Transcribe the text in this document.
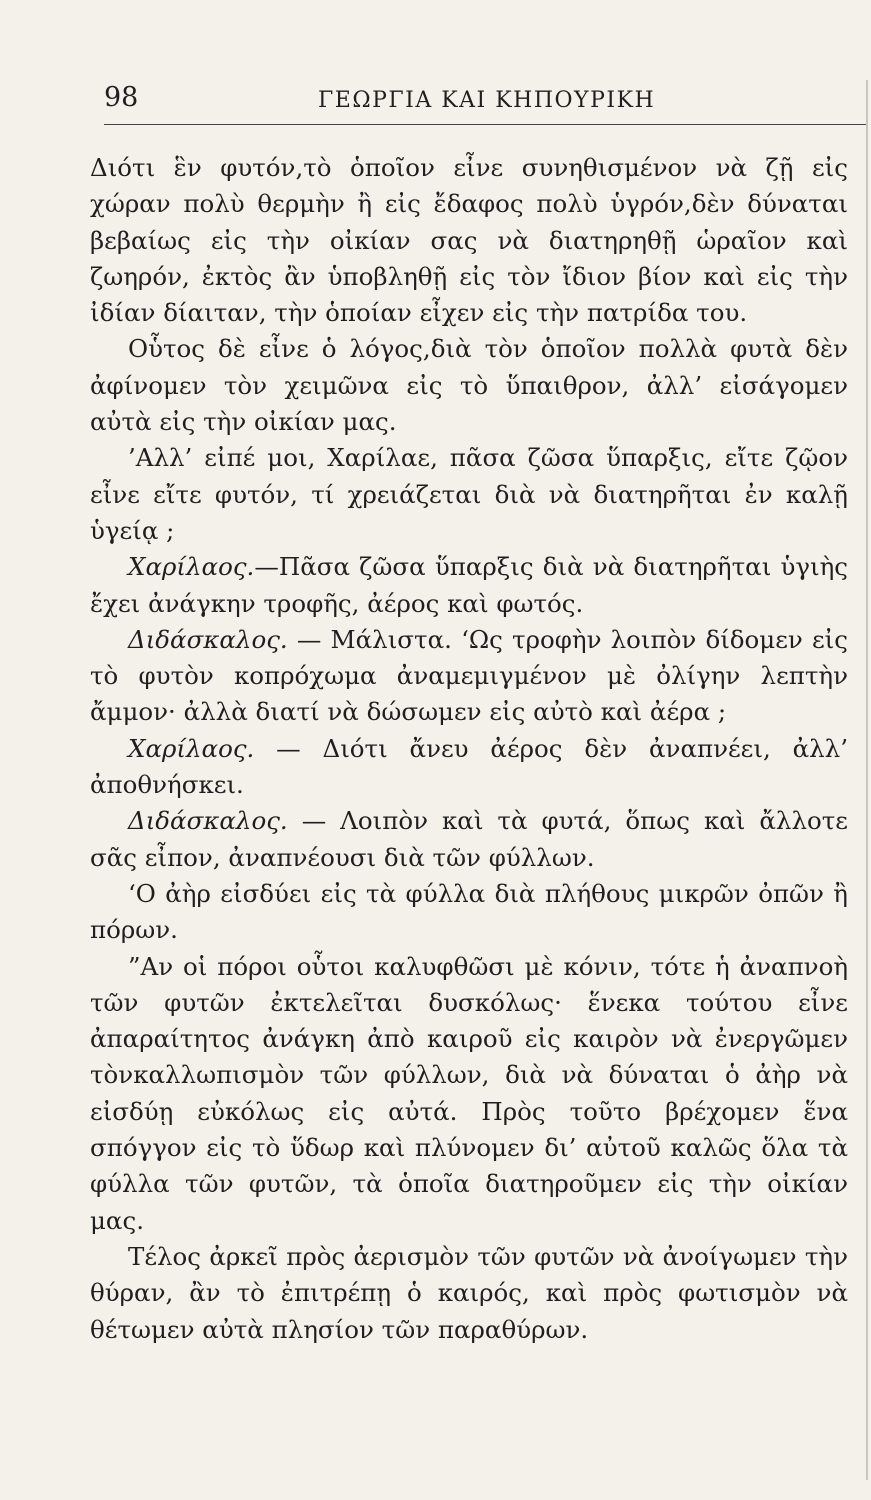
98	ΓΕΩΡΓΙΑ ΚΑΙ ΚΗΠΟΥΡΙΚΗ

Διότι ἓν φυτόν,τὸ ὁποῖον εἶνε συνηθισμένον νὰ ζῇ εἰς χώραν πολὺ θερμὴν ἢ εἰς ἔδαφος πολὺ ὑγρόν,δὲν δύναται βεβαίως εἰς τὴν οἰκίαν σας νὰ διατηρηθῇ ὡραῖον καὶ ζωηρόν, ἐκτὸς ἂν ὑποβληθῇ εἰς τὸν ἴδιον βίον καὶ εἰς τὴν ἰδίαν δίαιταν, τὴν ὁποίαν εἶχεν εἰς τὴν πατρίδα του.

Οὗτος δὲ εἶνε ὁ λόγος,διὰ τὸν ὁποῖον πολλὰ φυτὰ δὲν ἀφίνομεν τὸν χειμῶνα εἰς τὸ ὕπαιθρον, ἀλλ’ εἰσάγομεν αὐτὰ εἰς τὴν οἰκίαν μας.

’Αλλ’ εἰπέ μοι, Χαρίλαε, πᾶσα ζῶσα ὕπαρξις, εἴτε ζῷον εἶνε εἴτε φυτόν, τί χρειάζεται διὰ νὰ διατηρῆται ἐν καλῇ ὑγείᾳ ;

Χαρίλαος.—Πᾶσα ζῶσα ὕπαρξις διὰ νὰ διατηρῆται ὑγιὴς ἔχει ἀνάγκην τροφῆς, ἀέρος καὶ φωτός.

Διδάσκαλος. — Μάλιστα. ‘Ως τροφὴν λοιπὸν δίδομεν εἰς τὸ φυτὸν κοπρόχωμα ἀναμεμιγμένον μὲ ὀλίγην λεπτὴν ἄμμον· ἀλλὰ διατί νὰ δώσωμεν εἰς αὐτὸ καὶ ἀέρα ;

Χαρίλαος. — Διότι ἄνευ ἀέρος δὲν ἀναπνέει, ἀλλ’ ἀποθνήσκει.

Διδάσκαλος. — Λοιπὸν καὶ τὰ φυτά, ὅπως καὶ ἄλλοτε σᾶς εἶπον, ἀναπνέουσι διὰ τῶν φύλλων.

‘Ο ἀὴρ εἰσδύει εἰς τὰ φύλλα διὰ πλήθους μικρῶν ὀπῶν ἢ πόρων.

”Αν οἱ πόροι οὗτοι καλυφθῶσι μὲ κόνιν, τότε ἡ ἀναπνοὴ τῶν φυτῶν ἐκτελεῖται δυσκόλως· ἕνεκα τούτου εἶνε ἀπαραίτητος ἀνάγκη ἀπὸ καιροῦ εἰς καιρὸν νὰ ἐνεργῶμεν τὸνκαλλωπισμὸν τῶν φύλλων, διὰ νὰ δύναται ὁ ἀὴρ νὰ εἰσδύῃ εὐκόλως εἰς αὐτά. Πρὸς τοῦτο βρέχομεν ἕνα σπόγγον εἰς τὸ ὕδωρ καὶ πλύνομεν δι’ αὐτοῦ καλῶς ὅλα τὰ φύλλα τῶν φυτῶν, τὰ ὁποῖα διατηροῦμεν εἰς τὴν οἰκίαν μας.

Τέλος ἀρκεῖ πρὸς ἀερισμὸν τῶν φυτῶν νὰ ἀνοίγωμεν τὴν θύραν, ἂν τὸ ἐπιτρέπῃ ὁ καιρός, καὶ πρὸς φωτισμὸν νὰ θέτωμεν αὐτὰ πλησίον τῶν παραθύρων.
